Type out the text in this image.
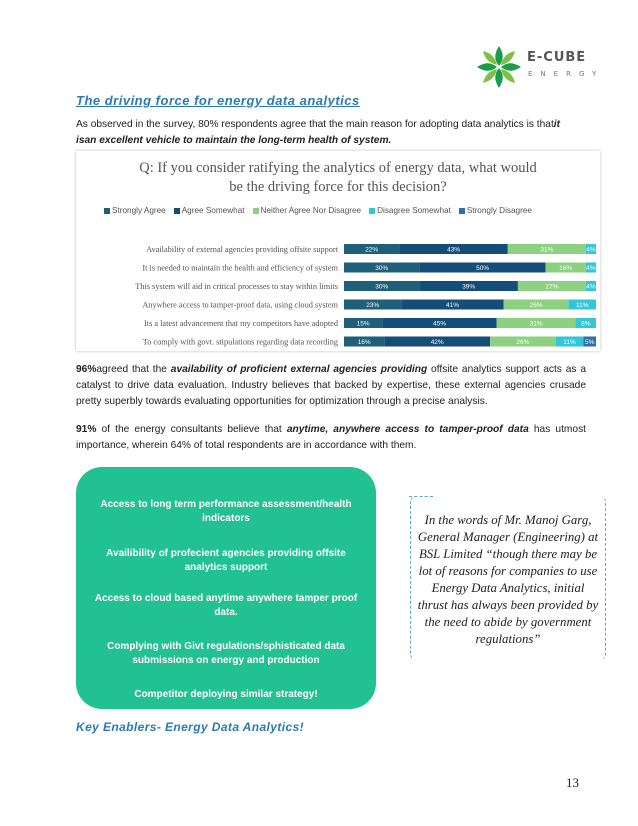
E-CUBE
ENERGY
The driving force for energy data analytics
As observed in the survey, 80% respondents agree that the main reason for adopting data analytics is thatit
isan excellent vehicle to maintain the long-term health of system.
Q: If you consider ratifying the analytics of energy data, what would be the driving force for this decision?
Strongly Agree Agree Somewhat Neither Agree Nor Disagree Disagree Somewhat Strongly Disagree
Availability of external agencies providing offsite support	22%	43%	31%	4%
It is needed to maintain the health and efficiency of system	30%	50%	16% 4%
This system will aid in critical processes to stay within limits	30%	39%	27%	4%
Anywhere access to tamper-proof data, using cloud system	23%	41%	26%	11%
Its a latest advancement that my competitors have adopted	15%	45%	31%	8%
To comply with govt. stipulations regarding data recording	16%	42%	26%	11% 5%
96%agreed that the availability of proficient external agencies providing offsite analytics support acts as a catalyst to drive data evaluation. Industry believes that backed by expertise, these external agencies crusade pretty superbly towards evaluating opportunities for optimization through a precise analysis.
91% of the energy consultants believe that anytime, anywhere access to tamper-proof data has utmost importance, wherein 64% of total respondents are in accordance with them.
Access to long term performance assessment/health indicators
Availibility of profecient agencies providing offsite analytics support
Access to cloud based anytime anywhere tamper proof data.
Complying with Givt regulations/sphisticated data submissions on energy and production
Competitor deploying similar strategy!
In the words of Mr. Manoj Garg, General Manager (Engineering) at BSL Limited “though there may be lot of reasons for companies to use Energy Data Analytics, initial thrust has always been provided by the need to abide by government regulations”
Key Enablers- Energy Data Analytics!
13
